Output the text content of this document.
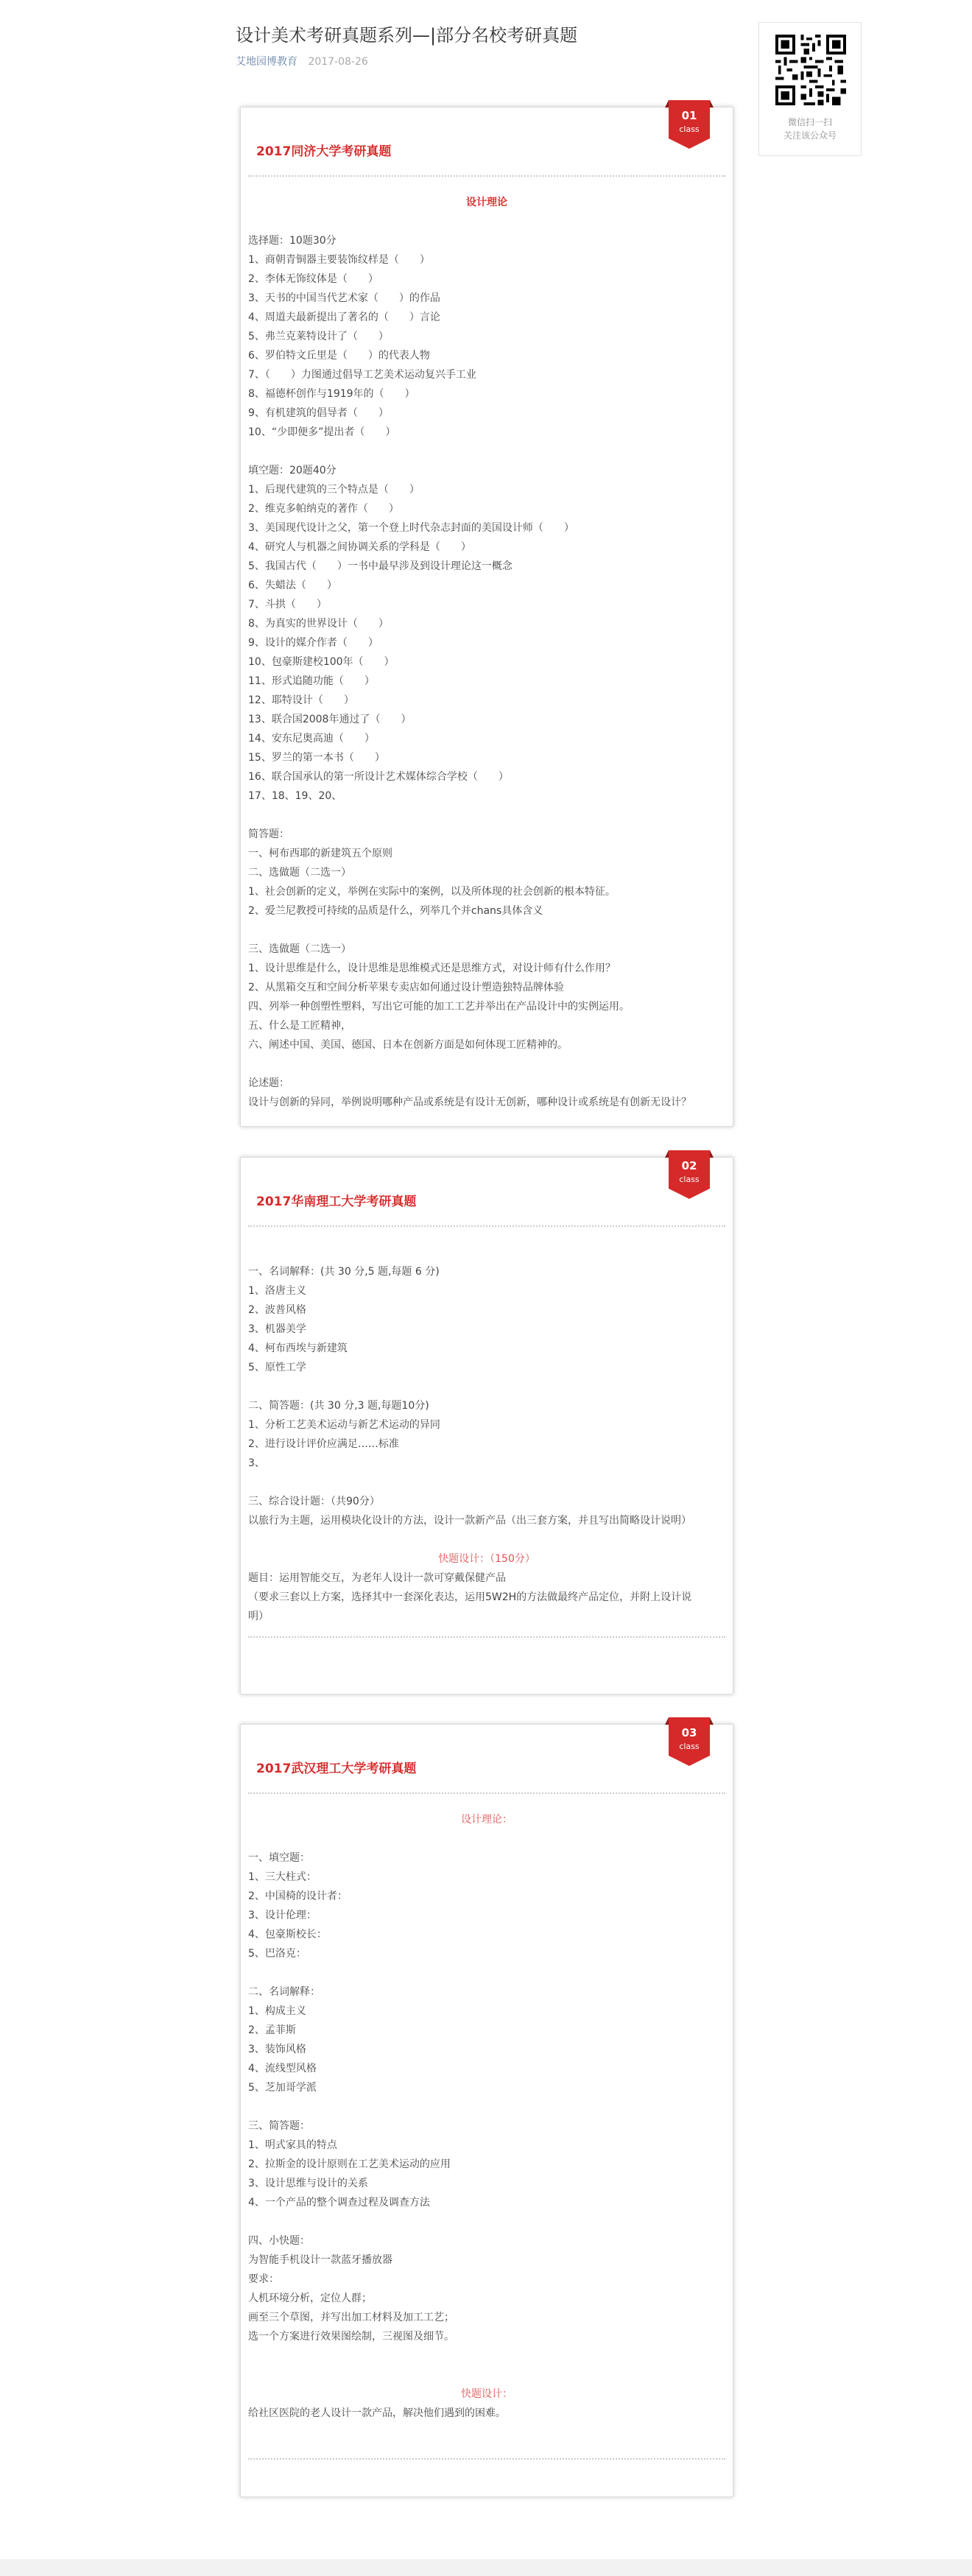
设计美术考研真题系列—|部分名校考研真题
艾地园博教育 2017-08-26
微信扫一扫
关注该公众号
01
class
2017同济大学考研真题
设计理论
选择题：10题30分
1、商朝青铜器主要装饰纹样是（　　）
2、李体无饰纹体是（　　）
3、天书的中国当代艺术家（　　）的作品
4、周道夫最新提出了著名的（　　）言论
5、弗兰克莱特设计了（　　）
6、罗伯特文丘里是（　　）的代表人物
7、（　　）力图通过倡导工艺美术运动复兴手工业
8、福德杯创作与1919年的（　　）
9、有机建筑的倡导者（　　）
10、“少即便多”提出者（　　）
填空题：20题40分
1、后现代建筑的三个特点是（　　）
2、维克多帕纳克的著作（　　）
3、美国现代设计之父，第一个登上时代杂志封面的美国设计师（　　）
4、研究人与机器之间协调关系的学科是（　　）
5、我国古代（　　）一书中最早涉及到设计理论这一概念
6、失蜡法（　　）
7、斗拱（　　）
8、为真实的世界设计（　　）
9、设计的媒介作者（　　）
10、包豪斯建校100年（　　）
11、形式追随功能（　　）
12、耶特设计（　　）
13、联合国2008年通过了（　　）
14、安东尼奥高迪（　　）
15、罗兰的第一本书（　　）
16、联合国承认的第一所设计艺术媒体综合学校（　　）
17、18、19、20、
简答题：
一、柯布西耶的新建筑五个原则
二、选做题（二选一）
1、社会创新的定义，举例在实际中的案例，以及所体现的社会创新的根本特征。
2、爱兰尼教授可持续的品质是什么，列举几个并chans具体含义
三、选做题（二选一）
1、设计思维是什么，设计思维是思维模式还是思维方式，对设计师有什么作用？
2、从黑箱交互和空间分析苹果专卖店如何通过设计塑造独特品牌体验
四、列举一种创塑性塑料，写出它可能的加工工艺并举出在产品设计中的实例运用。
五、什么是工匠精神，
六、阐述中国、美国、德国、日本在创新方面是如何体现工匠精神的。
论述题：
设计与创新的异同，举例说明哪种产品或系统是有设计无创新，哪种设计或系统是有创新无设计？
02
class
2017华南理工大学考研真题
一、名词解释：(共 30 分,5 题,每题 6 分)
1、洛唐主义
2、波普风格
3、机器美学
4、柯布西埃与新建筑
5、原性工学
二、简答题：(共 30 分,3 题,每题10分)
1、分析工艺美术运动与新艺术运动的异同
2、进行设计评价应满足……标准
3、
三、综合设计题：（共90分）
以旅行为主题，运用模块化设计的方法，设计一款新产品（出三套方案，并且写出简略设计说明）
快题设计：（150分）
题目：运用智能交互，为老年人设计一款可穿戴保健产品
（要求三套以上方案，选择其中一套深化表达，运用5W2H的方法做最终产品定位，并附上设计说
明）
03
class
2017武汉理工大学考研真题
设计理论：
一、填空题：
1、三大柱式：
2、中国椅的设计者：
3、设计伦理：
4、包豪斯校长：
5、巴洛克：
二、名词解释：
1、构成主义
2、孟菲斯
3、装饰风格
4、流线型风格
5、芝加哥学派
三、简答题：
1、明式家具的特点
2、拉斯金的设计原则在工艺美术运动的应用
3、设计思维与设计的关系
4、一个产品的整个调查过程及调查方法
四、小快题：
为智能手机设计一款蓝牙播放器
要求：
人机环境分析，定位人群；
画至三个草图，并写出加工材料及加工工艺；
选一个方案进行效果图绘制，三视图及细节。
快题设计：
给社区医院的老人设计一款产品，解决他们遇到的困难。
